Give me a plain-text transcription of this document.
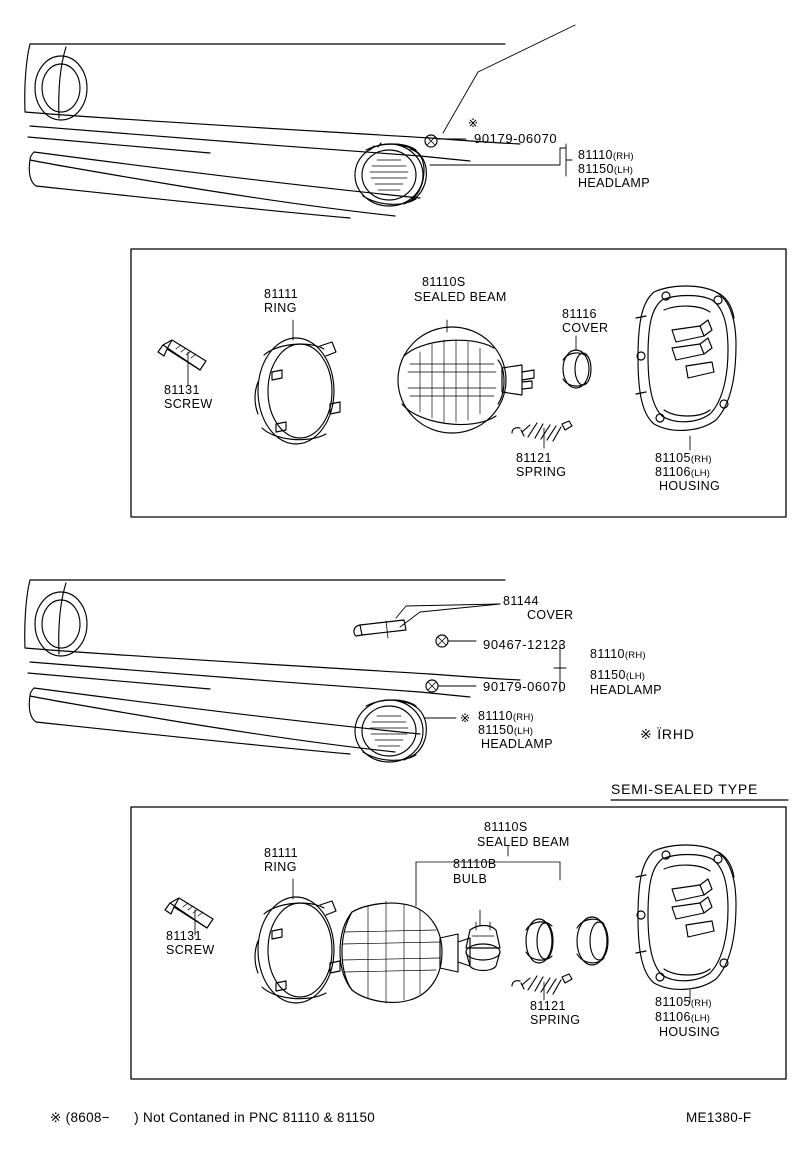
※
90179-06070
81110(RH)
81150(LH)
HEADLAMP
81131
SCREW
81111
RING
81110S
SEALED BEAM
81116
COVER
81121
SPRING
81105(RH)
81106(LH)
HOUSING
81144
COVER
90467-12123
90179-06070
81110(RH)
81150(LH)
HEADLAMP
※ 81110(RH)
81150(LH)
HEADLAMP
※ ÏRHD
SEMI-SEALED TYPE
81131
SCREW
81111
RING
81110S
SEALED BEAM
81110B
BULB
81121
SPRING
81105(RH)
81106(LH)
HOUSING
※ (8608−      ) Not Contaned in PNC 81110 & 81150	ME1380-F
